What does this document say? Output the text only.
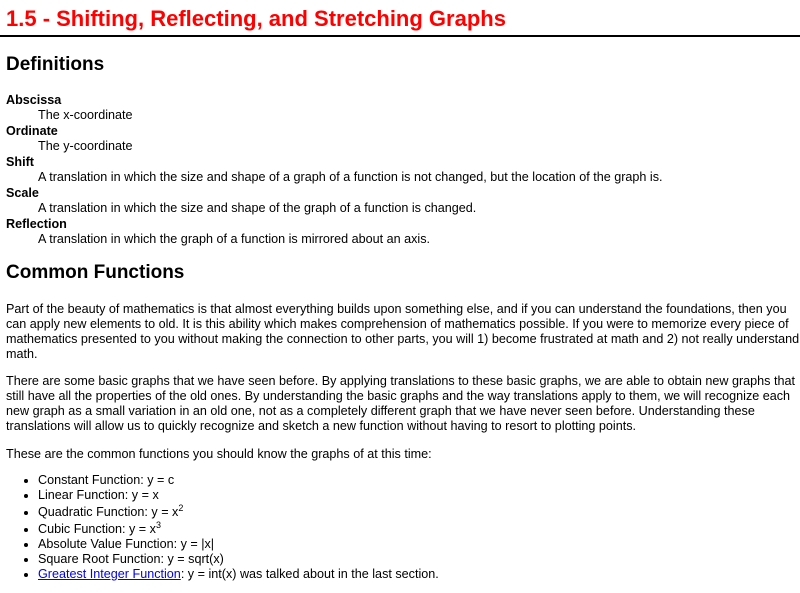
1.5 - Shifting, Reflecting, and Stretching Graphs
Definitions
Abscissa
The x-coordinate
Ordinate
The y-coordinate
Shift
A translation in which the size and shape of a graph of a function is not changed, but the location of the graph is.
Scale
A translation in which the size and shape of the graph of a function is changed.
Reflection
A translation in which the graph of a function is mirrored about an axis.
Common Functions

Part of the beauty of mathematics is that almost everything builds upon something else, and if you can understand the foundations, then you can apply new elements to old. It is this ability which makes comprehension of mathematics possible. If you were to memorize every piece of mathematics presented to you without making the connection to other parts, you will 1) become frustrated at math and 2) not really understand math.

There are some basic graphs that we have seen before. By applying translations to these basic graphs, we are able to obtain new graphs that still have all the properties of the old ones. By understanding the basic graphs and the way translations apply to them, we will recognize each new graph as a small variation in an old one, not as a completely different graph that we have never seen before. Understanding these translations will allow us to quickly recognize and sketch a new function without having to resort to plotting points.

These are the common functions you should know the graphs of at this time:

• Constant Function: y = c
• Linear Function: y = x
• Quadratic Function: $y = x^2$
• Cubic Function: $y = x^3$
• Absolute Value Function: y = |x|
• Square Root Function: y = sqrt(x)
• Greatest Integer Function: y = int(x) was talked about in the last section.
